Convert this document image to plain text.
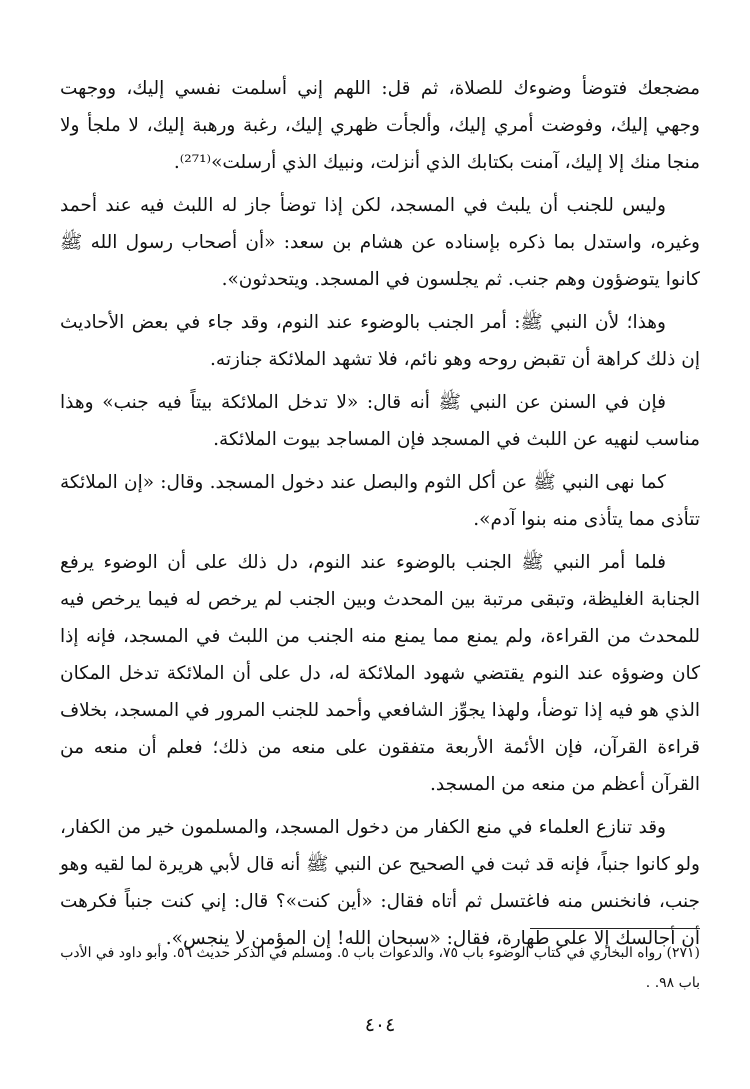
مضجعك فتوضأ وضوءك للصلاة، ثم قل: اللهم إني أسلمت نفسي إليك، ووجهت وجهي إليك، وفوضت أمري إليك، وألجأت ظهري إليك، رغبة ورهبة إليك، لا ملجأ ولا منجا منك إلا إليك، آمنت بكتابك الذي أنزلت، ونبيك الذي أرسلت»⁽²⁷¹⁾.

وليس للجنب أن يلبث في المسجد، لكن إذا توضأ جاز له اللبث فيه عند أحمد وغيره، واستدل بما ذكره بإسناده عن هشام بن سعد: «أن أصحاب رسول الله ﷺ كانوا يتوضؤون وهم جنب. ثم يجلسون في المسجد. ويتحدثون».

وهذا؛ لأن النبي ﷺ: أمر الجنب بالوضوء عند النوم، وقد جاء في بعض الأحاديث إن ذلك كراهة أن تقبض روحه وهو نائم، فلا تشهد الملائكة جنازته.

فإن في السنن عن النبي ﷺ أنه قال: «لا تدخل الملائكة بيتاً فيه جنب» وهذا مناسب لنهيه عن اللبث في المسجد فإن المساجد بيوت الملائكة.

كما نهى النبي ﷺ عن أكل الثوم والبصل عند دخول المسجد. وقال: «إن الملائكة تتأذى مما يتأذى منه بنوا آدم».

فلما أمر النبي ﷺ الجنب بالوضوء عند النوم، دل ذلك على أن الوضوء يرفع الجنابة الغليظة، وتبقى مرتبة بين المحدث وبين الجنب لم يرخص له فيما يرخص فيه للمحدث من القراءة، ولم يمنع مما يمنع منه الجنب من اللبث في المسجد، فإنه إذا كان وضوؤه عند النوم يقتضي شهود الملائكة له، دل على أن الملائكة تدخل المكان الذي هو فيه إذا توضأ، ولهذا يجوِّز الشافعي وأحمد للجنب المرور في المسجد، بخلاف قراءة القرآن، فإن الأئمة الأربعة متفقون على منعه من ذلك؛ فعلم أن منعه من القرآن أعظم من منعه من المسجد.

وقد تنازع العلماء في منع الكفار من دخول المسجد، والمسلمون خير من الكفار، ولو كانوا جنباً، فإنه قد ثبت في الصحيح عن النبي ﷺ أنه قال لأبي هريرة لما لقيه وهو جنب، فانخنس منه فاغتسل ثم أتاه فقال: «أين كنت»؟ قال: إني كنت جنباً فكرهت أن أجالسك إلا على طهارة، فقال: «سبحان الله! إن المؤمن لا ينجس».

(٢٧١) رواه البخاري في كتاب الوضوء باب ٧٥، والدعوات باب ٥. ومسلم في الذكر حديث ٥٦. وأبو داود في الأدب باب ٩٨. .

٤٠٤
